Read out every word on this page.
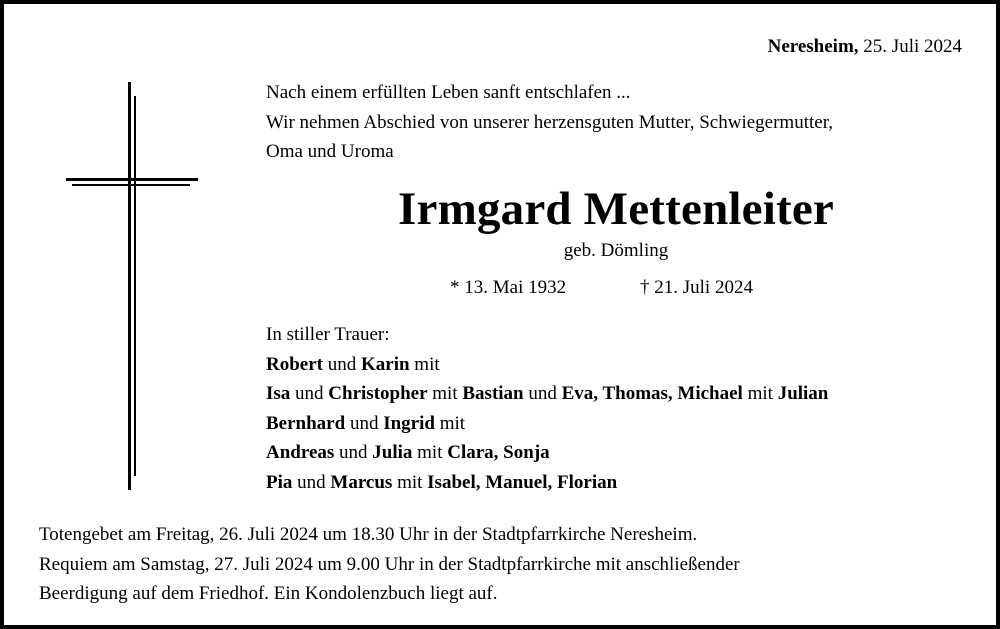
Neresheim, 25. Juli 2024
Nach einem erfüllten Leben sanft entschlafen ...
Wir nehmen Abschied von unserer herzensguten Mutter, Schwiegermutter,
Oma und Uroma
Irmgard Mettenleiter
geb. Dömling
* 13. Mai 1932	† 21. Juli 2024
In stiller Trauer:
Robert und Karin mit
Isa und Christopher mit Bastian und Eva, Thomas, Michael mit Julian
Bernhard und Ingrid mit
Andreas und Julia mit Clara, Sonja
Pia und Marcus mit Isabel, Manuel, Florian
Totengebet am Freitag, 26. Juli 2024 um 18.30 Uhr in der Stadtpfarrkirche Neresheim.
Requiem am Samstag, 27. Juli 2024 um 9.00 Uhr in der Stadtpfarrkirche mit anschließender
Beerdigung auf dem Friedhof. Ein Kondolenzbuch liegt auf.
